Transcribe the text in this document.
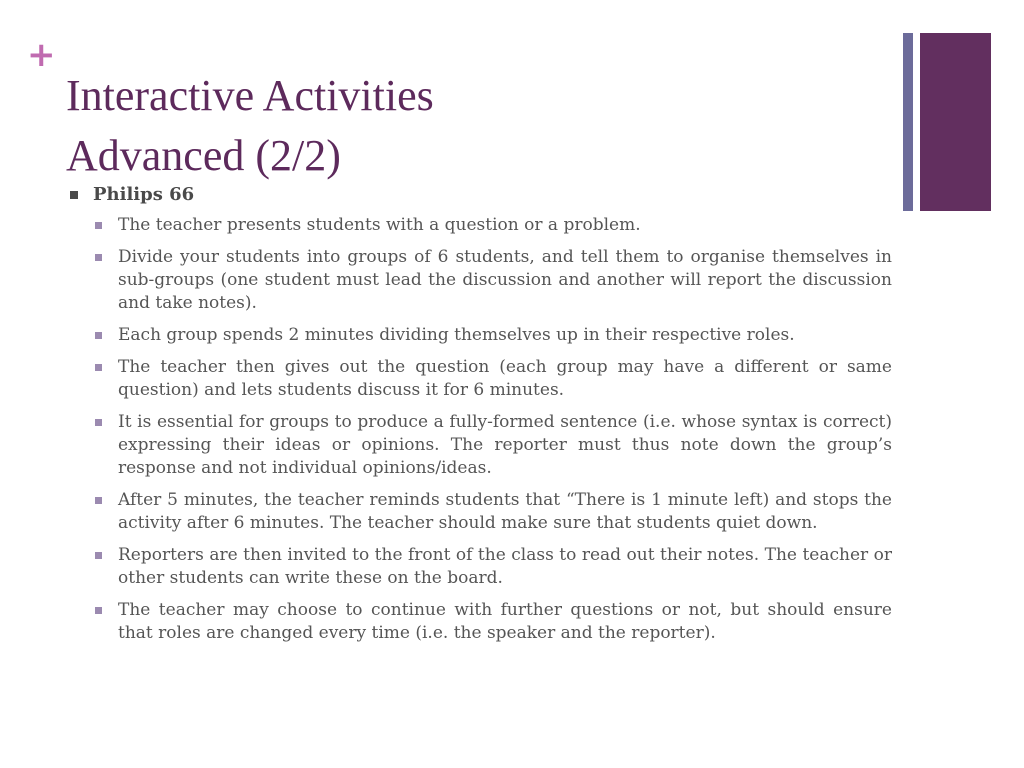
+
Interactive Activities
Advanced (2/2)
Philips 66
The teacher presents students with a question or a problem.
Divide your students into groups of 6 students, and tell them to organise themselves in sub-groups (one student must lead the discussion and another will report the discussion and take notes).
Each group spends 2 minutes dividing themselves up in their respective roles.
The teacher then gives out the question (each group may have a different or same question) and lets students discuss it for 6 minutes.
It is essential for groups to produce a fully-formed sentence (i.e. whose syntax is correct) expressing their ideas or opinions. The reporter must thus note down the group’s response and not individual opinions/ideas.
After 5 minutes, the teacher reminds students that “There is 1 minute left) and stops the activity after 6 minutes. The teacher should make sure that students quiet down.
Reporters are then invited to the front of the class to read out their notes. The teacher or other students can write these on the board.
The teacher may choose to continue with further questions or not, but should ensure that roles are changed every time (i.e. the speaker and the reporter).
